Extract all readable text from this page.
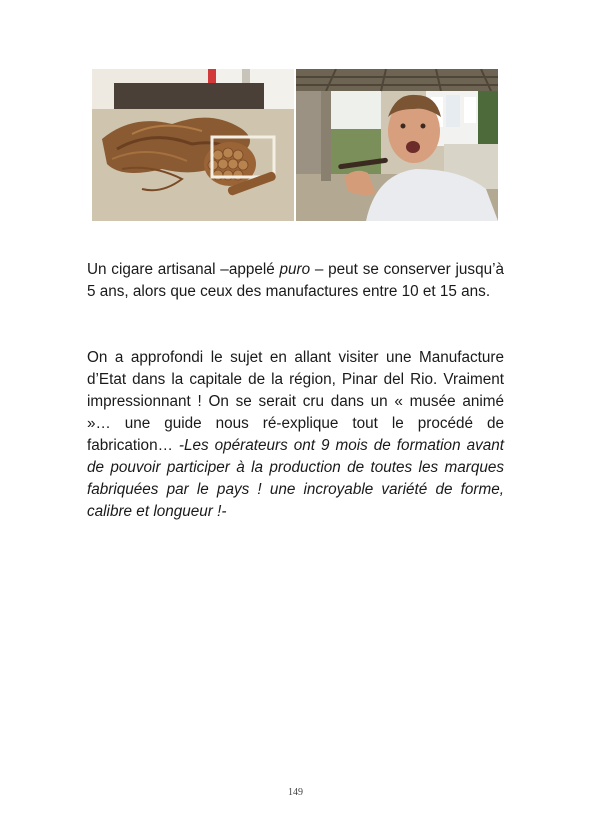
Un cigare artisanal –appelé puro – peut se conserver jusqu’à 5 ans, alors que ceux des manufactures entre 10 et 15 ans.

On a approfondi le sujet en allant visiter une Manufacture d’Etat dans la capitale de la région, Pinar del Rio. Vraiment impressionnant ! On se serait cru dans un « musée animé »… une guide nous ré-explique tout le procédé de fabrication… -Les opérateurs ont 9 mois de formation avant de pouvoir participer à la production de toutes les marques fabriquées par le pays ! une incroyable variété de forme, calibre et longueur !-

149
